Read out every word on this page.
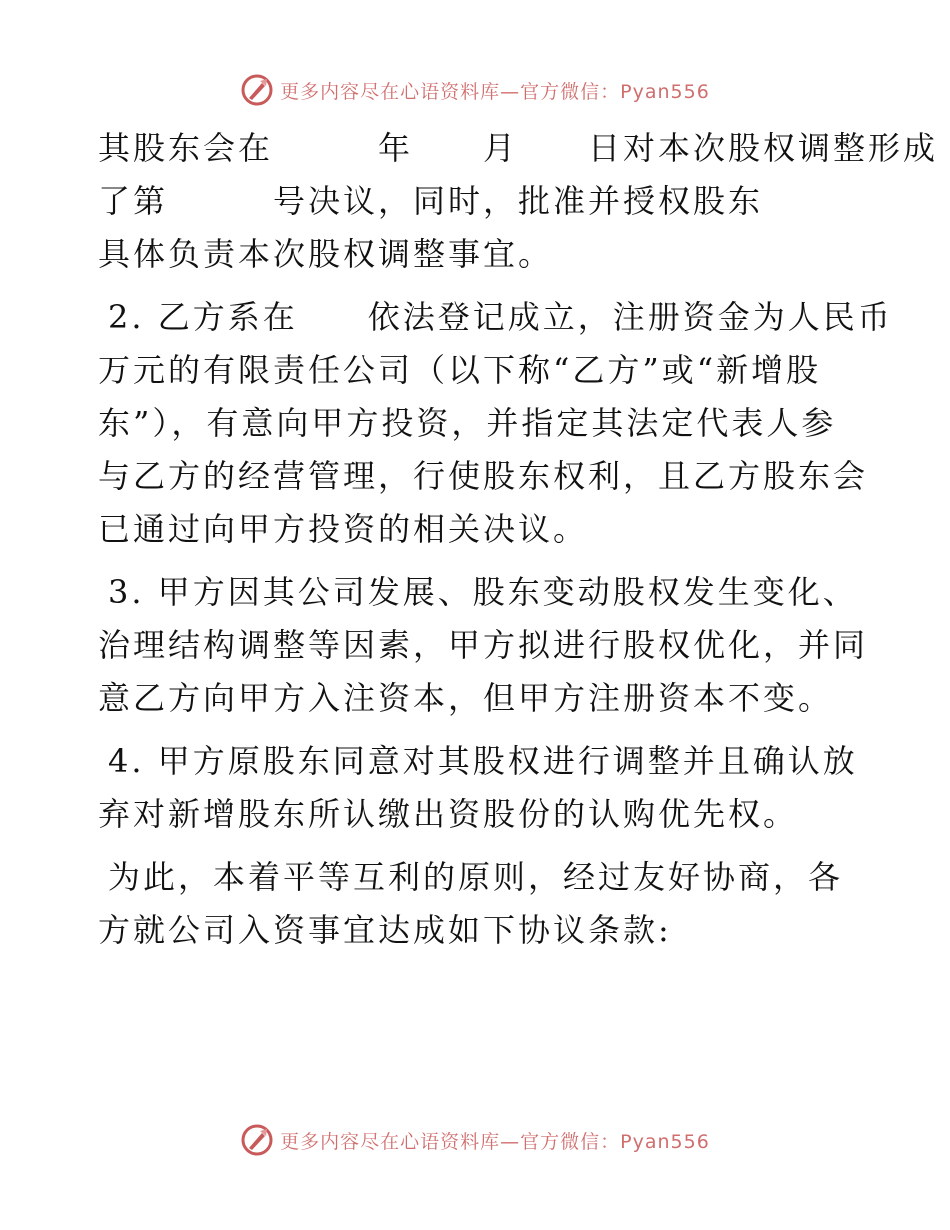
更多内容尽在心语资料库—官方微信：Pyan556
其股东会在　　　年　　月　　日对本次股权调整形成
了第　　　号决议，同时，批准并授权股东
具体负责本次股权调整事宜。
2. 乙方系在　　依法登记成立，注册资金为人民币
万元的有限责任公司（以下称“乙方”或“新增股
东”），有意向甲方投资，并指定其法定代表人参
与乙方的经营管理，行使股东权利，且乙方股东会
已通过向甲方投资的相关决议。
3. 甲方因其公司发展、股东变动股权发生变化、
治理结构调整等因素，甲方拟进行股权优化，并同
意乙方向甲方入注资本，但甲方注册资本不变。
4. 甲方原股东同意对其股权进行调整并且确认放
弃对新增股东所认缴出资股份的认购优先权。
为此，本着平等互利的原则，经过友好协商，各
方就公司入资事宜达成如下协议条款:
更多内容尽在心语资料库—官方微信：Pyan556
